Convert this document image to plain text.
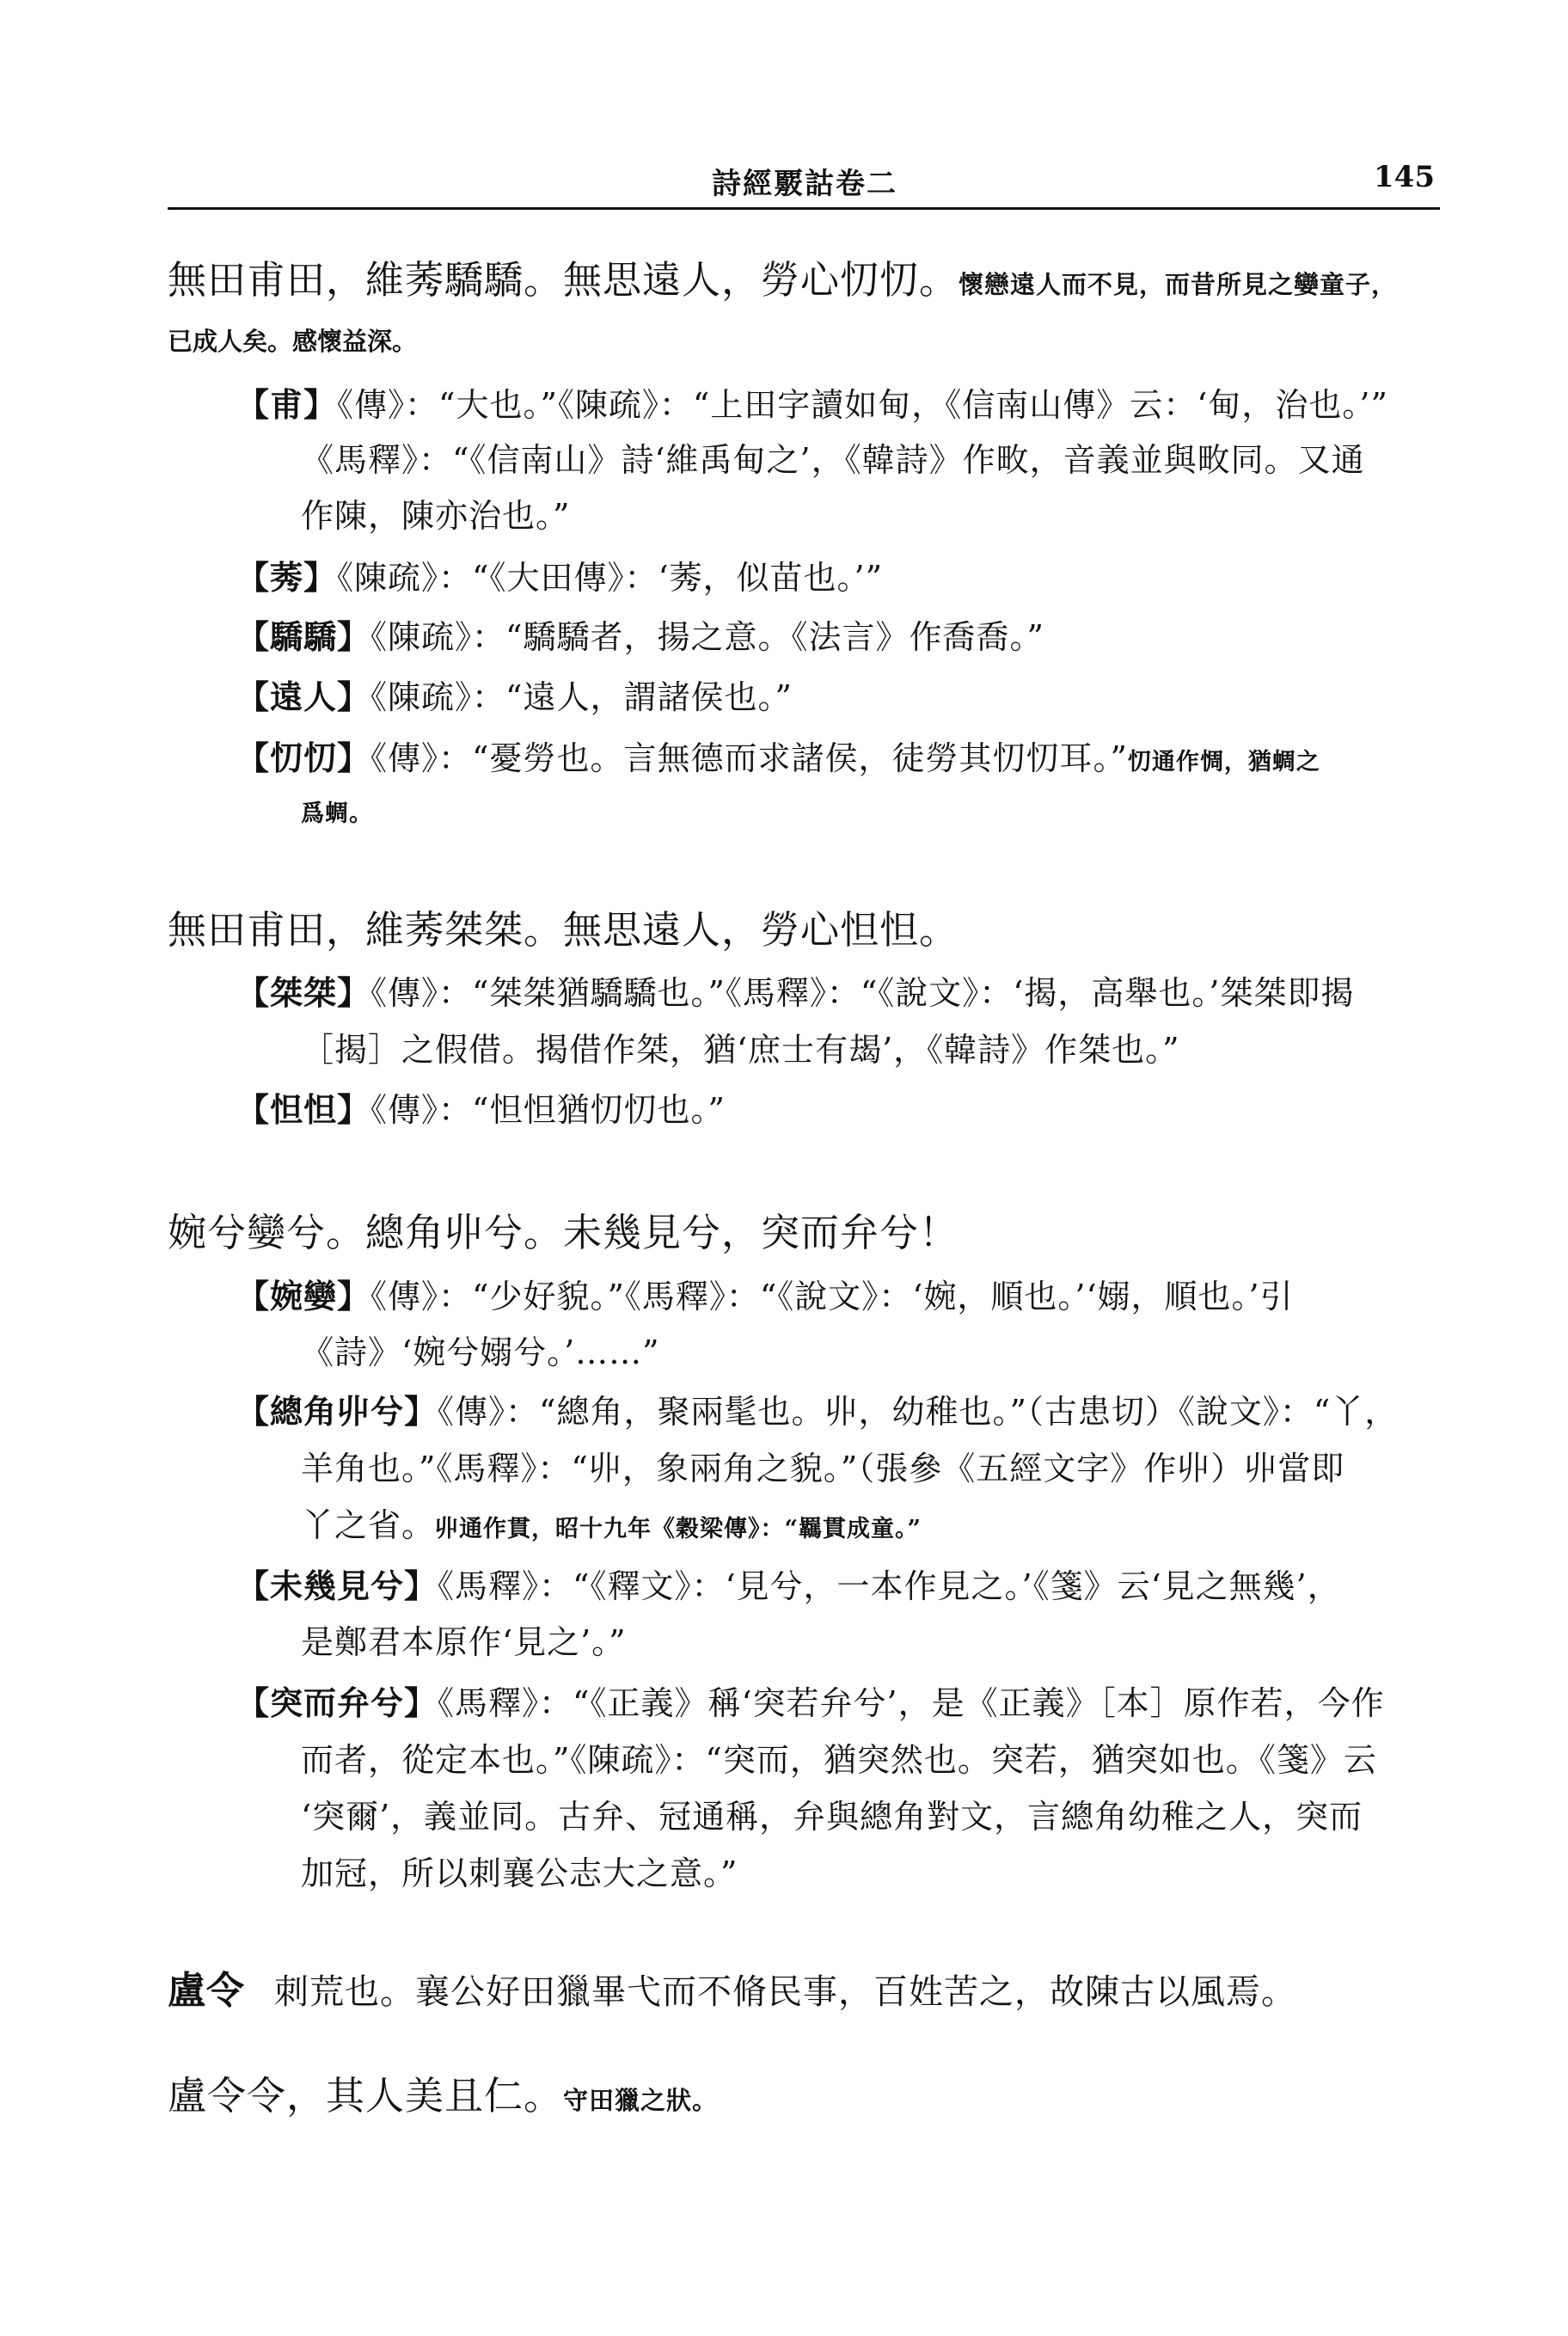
詩經覈詁卷二	145
無田甫田，維莠驕驕。無思遠人，勞心忉忉。懷戀遠人而不見，而昔所見之孌童子，
已成人矣。感懷益深。
【甫】《傳》：“大也。”《陳疏》：“上田字讀如甸，《信南山傳》云：‘甸，治也。’”
《馬釋》：“《信南山》詩‘維禹甸之’，《韓詩》作畋，音義並與畋同。又通
作陳，陳亦治也。”
【莠】《陳疏》：“《大田傳》：‘莠，似苗也。’”
【驕驕】《陳疏》：“驕驕者，揚之意。《法言》作喬喬。”
【遠人】《陳疏》：“遠人，謂諸侯也。”
【忉忉】《傳》：“憂勞也。言無德而求諸侯，徒勞其忉忉耳。”忉通作惆，猶蜩之
爲蜩。
無田甫田，維莠桀桀。無思遠人，勞心怛怛。
【桀桀】《傳》：“桀桀猶驕驕也。”《馬釋》：“《說文》：‘揭，高舉也。’桀桀即揭
［揭］之假借。揭借作桀，猶‘庶士有朅’，《韓詩》作桀也。”
【怛怛】《傳》：“怛怛猶忉忉也。”
婉兮孌兮。總角丱兮。未幾見兮，突而弁兮！
【婉孌】《傳》：“少好貌。”《馬釋》：“《說文》：‘婉，順也。’‘嫋，順也。’引
《詩》‘婉兮嫋兮。’……”
【總角丱兮】《傳》：“總角，聚兩髦也。丱，幼稚也。”（古患切）《說文》：“丫，
羊角也。”《馬釋》：“丱，象兩角之貌。”（張參《五經文字》作丱）丱當即
丫之省。丱通作貫，昭十九年《穀梁傳》：“羈貫成童。”
【未幾見兮】《馬釋》：“《釋文》：‘見兮，一本作見之。’《箋》云‘見之無幾’，
是鄭君本原作‘見之’。”
【突而弁兮】《馬釋》：“《正義》稱‘突若弁兮’，是《正義》［本］原作若，今作
而者，從定本也。”《陳疏》：“突而，猶突然也。突若，猶突如也。《箋》云
‘突爾’，義並同。古弁、冠通稱，弁與總角對文，言總角幼稚之人，突而
加冠，所以刺襄公志大之意。”
盧令 刺荒也。襄公好田獵畢弋而不脩民事，百姓苦之，故陳古以風焉。
盧令令，其人美且仁。守田獵之狀。
